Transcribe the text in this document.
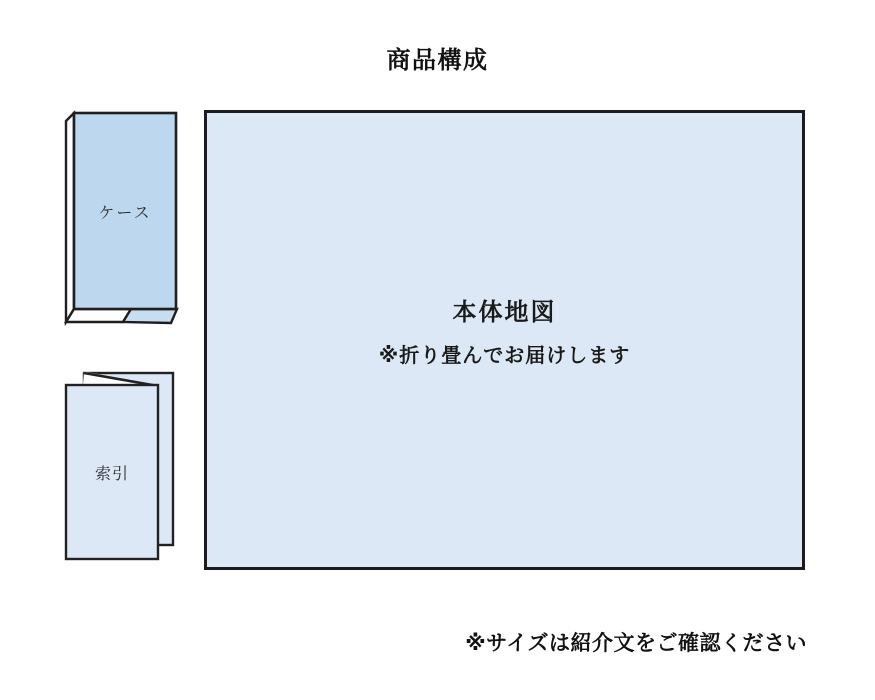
商品構成
ケース
索引
本体地図
※折り畳んでお届けします
※サイズは紹介文をご確認ください
